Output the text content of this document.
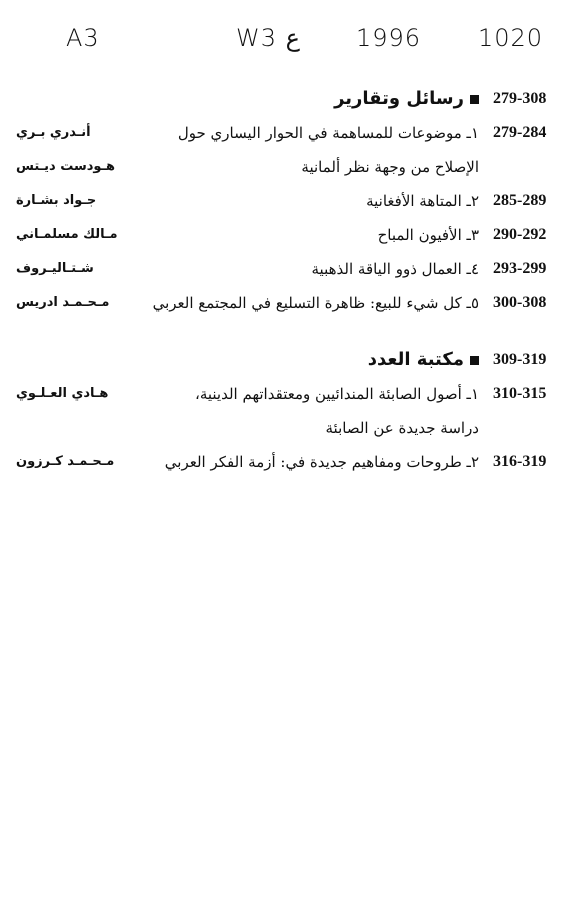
A3	W3 ع 1996 1020
279-308
رسائل وتقارير
279-284
١ـ موضوعات للمساهمة في الحوار اليساري حول
أنـدري بـري
الإصلاح من وجهة نظر ألمانية
هـودست ديـتس
285-289
٢ـ المتاهة الأفغانية
جـواد بشـارة
290-292
٣ـ الأفيون المباح
مـالك مسلمـاني
293-299
٤ـ العمال ذوو الياقة الذهبية
شـتـاليـروف
300-308
٥ـ كل شيء للبيع: ظاهرة التسليع في المجتمع العربي
مـحـمـد ادريس
309-319
مكتبة العدد
310-315
١ـ أصول الصابئة المندائيين ومعتقداتهم الدينية،
هـادي العـلـوي
دراسة جديدة عن الصابئة
316-319
٢ـ طروحات ومفاهيم جديدة في: أزمة الفكر العربي
مـحـمـد كـرزون
